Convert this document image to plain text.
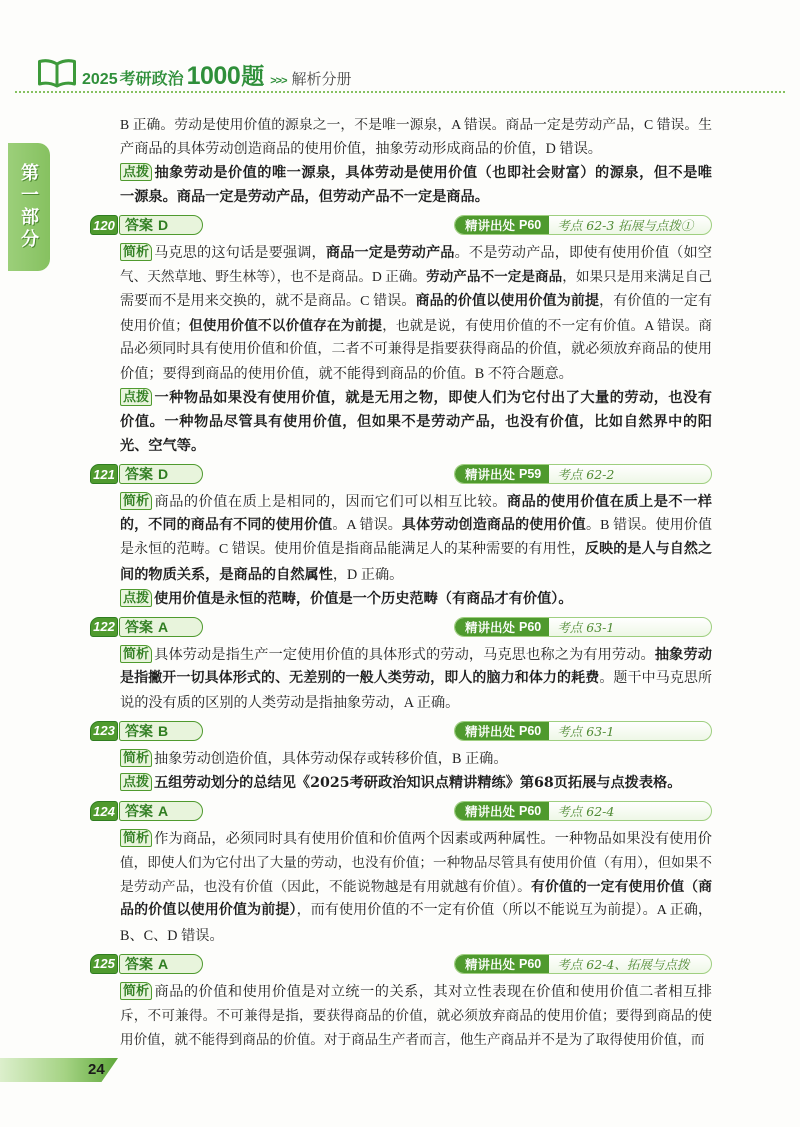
2025 考研政治 1000 题 >>> 解析分册
第一部分
B 正确。劳动是使用价值的源泉之一，不是唯一源泉，A 错误。商品一定是劳动产品，C 错误。生
产商品的具体劳动创造商品的使用价值，抽象劳动形成商品的价值，D 错误。
点拨 抽象劳动是价值的唯一源泉，具体劳动是使用价值（也即社会财富）的源泉，但不是唯
一源泉。商品一定是劳动产品，但劳动产品不一定是商品。
120 答案 D	精讲出处 P60	考点 62-3 拓展与点拨①
简析 马克思的这句话是要强调，商品一定是劳动产品。不是劳动产品，即使有使用价值（如空
气、天然草地、野生林等），也不是商品。D 正确。劳动产品不一定是商品，如果只是用来满足自己
需要而不是用来交换的，就不是商品。C 错误。商品的价值以使用价值为前提，有价值的一定有
使用价值；但使用价值不以价值存在为前提，也就是说，有使用价值的不一定有价值。A 错误。商
品必须同时具有使用价值和价值，二者不可兼得是指要获得商品的价值，就必须放弃商品的使用
价值；要得到商品的使用价值，就不能得到商品的价值。B 不符合题意。
点拨 一种物品如果没有使用价值，就是无用之物，即使人们为它付出了大量的劳动，也没有
价值。一种物品尽管具有使用价值，但如果不是劳动产品，也没有价值，比如自然界中的阳
光、空气等。
121 答案 D	精讲出处 P59	考点 62-2
简析 商品的价值在质上是相同的，因而它们可以相互比较。商品的使用价值在质上是不一样
的，不同的商品有不同的使用价值。A 错误。具体劳动创造商品的使用价值。B 错误。使用价值
是永恒的范畴。C 错误。使用价值是指商品能满足人的某种需要的有用性，反映的是人与自然之
间的物质关系，是商品的自然属性，D 正确。
点拨 使用价值是永恒的范畴，价值是一个历史范畴（有商品才有价值）。
122 答案 A	精讲出处 P60	考点 63-1
简析 具体劳动是指生产一定使用价值的具体形式的劳动，马克思也称之为有用劳动。抽象劳动
是指撇开一切具体形式的、无差别的一般人类劳动，即人的脑力和体力的耗费。题干中马克思所
说的没有质的区别的人类劳动是指抽象劳动，A 正确。
123 答案 B	精讲出处 P60	考点 63-1
简析 抽象劳动创造价值，具体劳动保存或转移价值，B 正确。
点拨 五组劳动划分的总结见《2025考研政治知识点精讲精练》第68页拓展与点拨表格。
124 答案 A	精讲出处 P60	考点 62-4
简析 作为商品，必须同时具有使用价值和价值两个因素或两种属性。一种物品如果没有使用价
值，即使人们为它付出了大量的劳动，也没有价值；一种物品尽管具有使用价值（有用），但如果不
是劳动产品，也没有价值（因此，不能说物越是有用就越有价值）。有价值的一定有使用价值（商
品的价值以使用价值为前提），而有使用价值的不一定有价值（所以不能说互为前提）。A 正确，
B、C、D 错误。
125 答案 A	精讲出处 P60	考点 62-4、拓展与点拨
简析 商品的价值和使用价值是对立统一的关系，其对立性表现在价值和使用价值二者相互排
斥，不可兼得。不可兼得是指，要获得商品的价值，就必须放弃商品的使用价值；要得到商品的使
用价值，就不能得到商品的价值。对于商品生产者而言，他生产商品并不是为了取得使用价值，而
24
